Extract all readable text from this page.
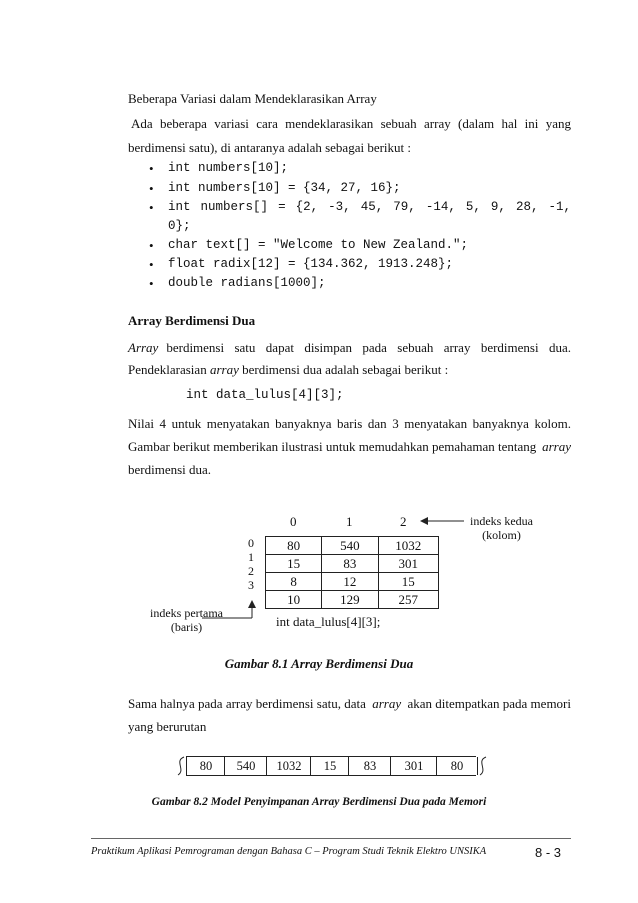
Beberapa Variasi dalam Mendeklarasikan Array
Ada beberapa variasi cara mendeklarasikan sebuah array (dalam hal ini yang
berdimensi satu), di antaranya adalah sebagai berikut :
• int numbers[10];
• int numbers[10] = {34, 27, 16};
• int numbers[] = {2, -3, 45, 79, -14, 5, 9, 28, -1,
0};
• char text[] = "Welcome to New Zealand.";
• float radix[12] = {134.362, 1913.248};
• double radians[1000];
Array Berdimensi Dua
Array berdimensi satu dapat disimpan pada sebuah array berdimensi dua.
Pendeklarasian array berdimensi dua adalah sebagai berikut :
int data_lulus[4][3];
Nilai 4 untuk menyatakan banyaknya baris dan 3 menyatakan banyaknya kolom.
Gambar berikut memberikan ilustrasi untuk memudahkan pemahaman tentang array
berdimensi dua.
0	1	2	indeks kedua
(kolom)
0
1
2
3
80	540	1032
15	83	301
8	12	15
10	129	257
indeks pertama
(baris)	int data_lulus[4][3];
Gambar 8.1 Array Berdimensi Dua
Sama halnya pada array berdimensi satu, data array akan ditempatkan pada memori
yang berurutan
80	540	1032	15	83	301	80
Gambar 8.2 Model Penyimpanan Array Berdimensi Dua pada Memori
Praktikum Aplikasi Pemrograman dengan Bahasa C – Program Studi Teknik Elektro UNSIKA	8 - 3
